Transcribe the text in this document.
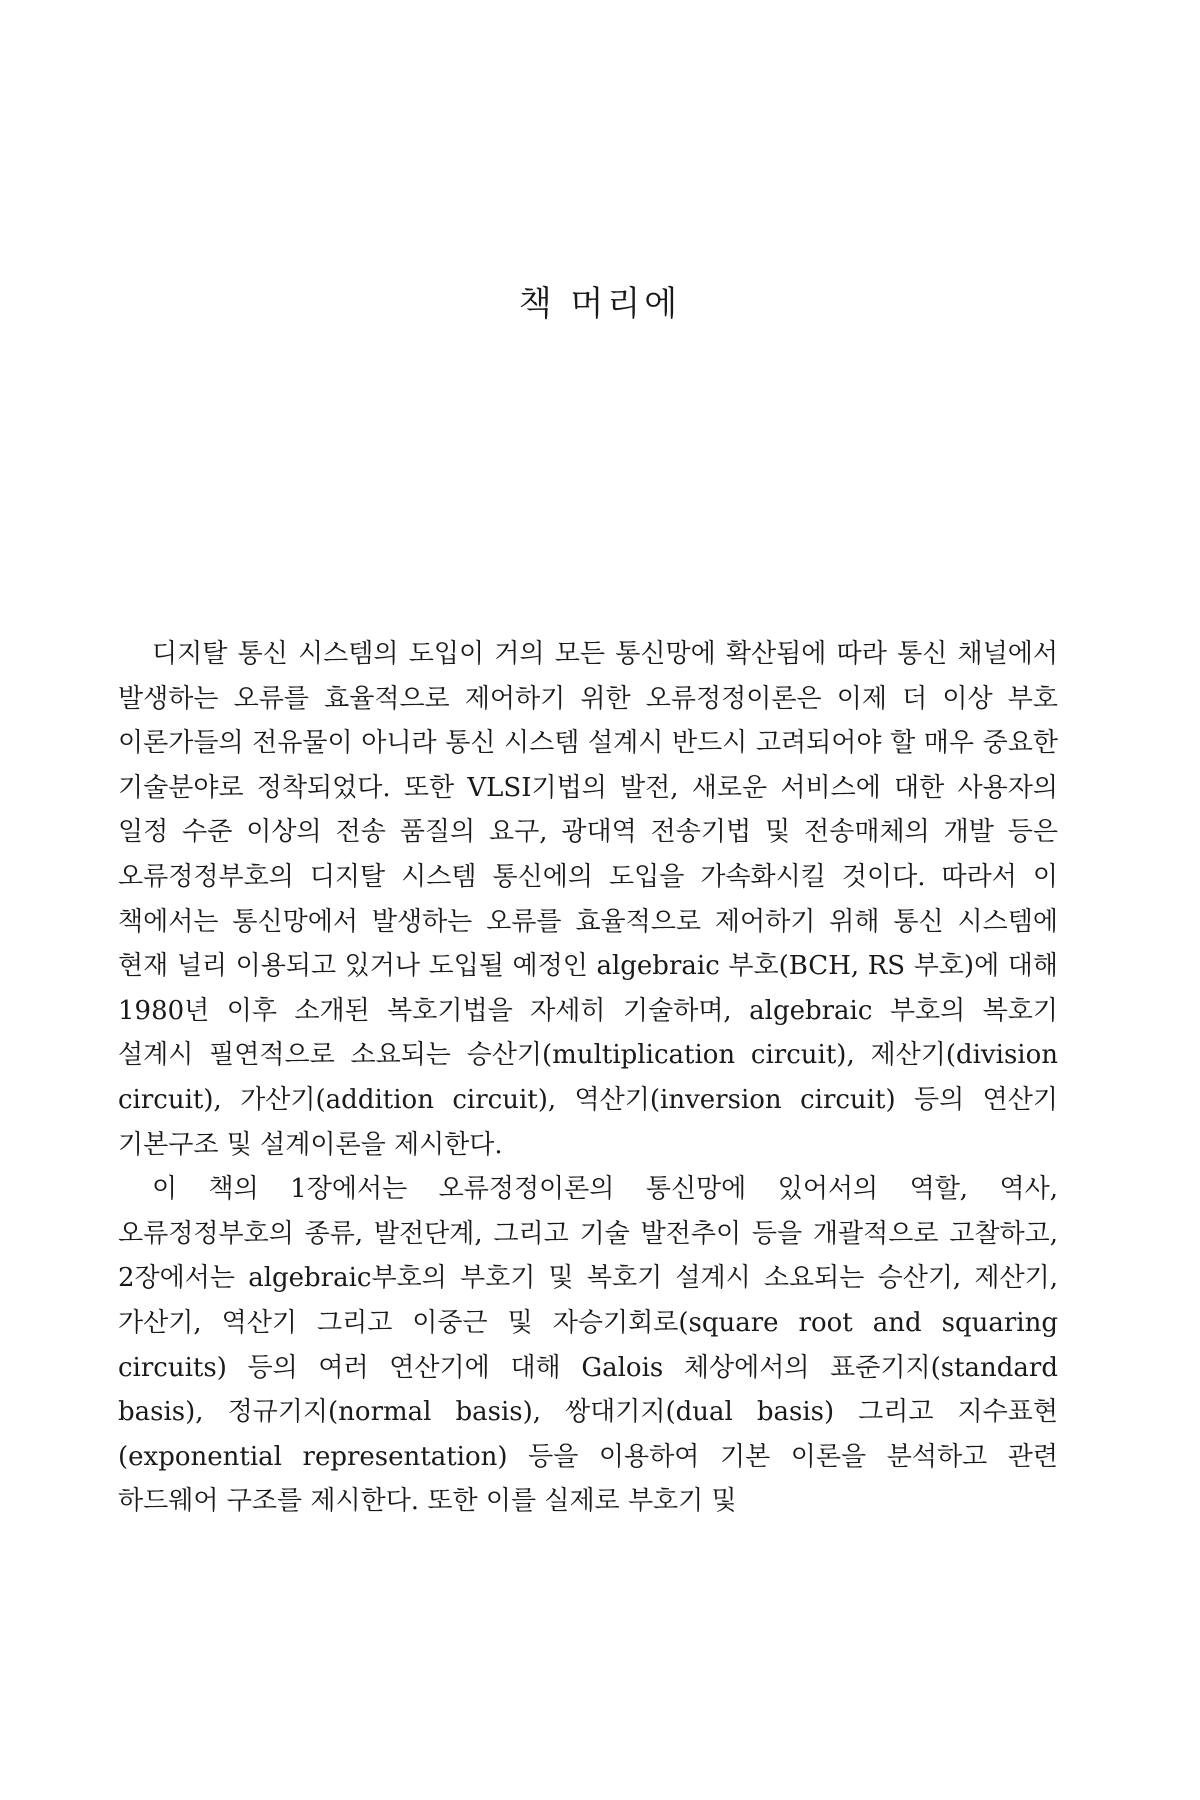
책 머리에

디지탈 통신 시스템의 도입이 거의 모든 통신망에 확산됨에 따라 통신 채널에서 발생하는 오류를 효율적으로 제어하기 위한 오류정정이론은 이제 더 이상 부호 이론가들의 전유물이 아니라 통신 시스템 설계시 반드시 고려되어야 할 매우 중요한 기술분야로 정착되었다. 또한 VLSI기법의 발전, 새로운 서비스에 대한 사용자의 일정 수준 이상의 전송 품질의 요구, 광대역 전송기법 및 전송매체의 개발 등은 오류정정부호의 디지탈 시스템 통신에의 도입을 가속화시킬 것이다. 따라서 이 책에서는 통신망에서 발생하는 오류를 효율적으로 제어하기 위해 통신 시스템에 현재 널리 이용되고 있거나 도입될 예정인 algebraic 부호(BCH, RS 부호)에 대해 1980년 이후 소개된 복호기법을 자세히 기술하며, algebraic 부호의 복호기 설계시 필연적으로 소요되는 승산기(multiplication circuit), 제산기(division circuit), 가산기(addition circuit), 역산기(inversion circuit) 등의 연산기 기본구조 및 설계이론을 제시한다.

이 책의 1장에서는 오류정정이론의 통신망에 있어서의 역할, 역사, 오류정정부호의 종류, 발전단계, 그리고 기술 발전추이 등을 개괄적으로 고찰하고, 2장에서는 algebraic부호의 부호기 및 복호기 설계시 소요되는 승산기, 제산기, 가산기, 역산기 그리고 이중근 및 자승기회로(square root and squaring circuits) 등의 여러 연산기에 대해 Galois 체상에서의 표준기지(standard basis), 정규기지(normal basis), 쌍대기지(dual basis) 그리고 지수표현(exponential representation) 등을 이용하여 기본 이론을 분석하고 관련 하드웨어 구조를 제시한다. 또한 이를 실제로 부호기 및
